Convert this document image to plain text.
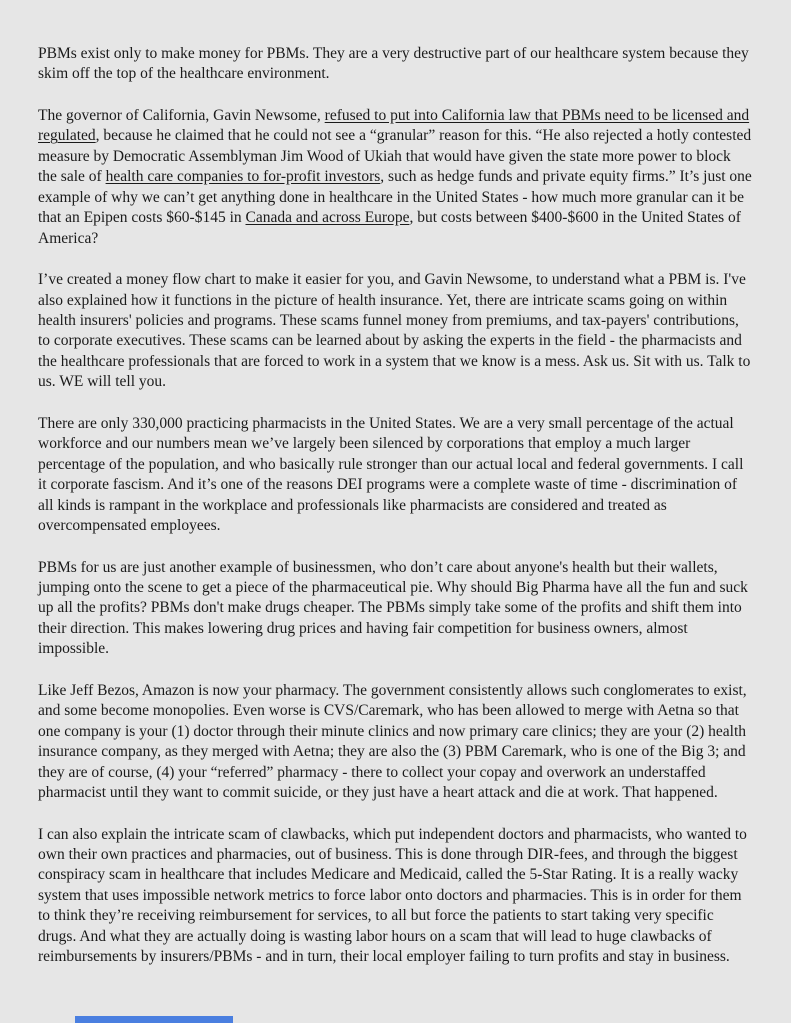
PBMs exist only to make money for PBMs. They are a very destructive part of our healthcare system because they skim off the top of the healthcare environment.

The governor of California, Gavin Newsome, refused to put into California law that PBMs need to be licensed and regulated, because he claimed that he could not see a “granular” reason for this. “He also rejected a hotly contested measure by Democratic Assemblyman Jim Wood of Ukiah that would have given the state more power to block the sale of health care companies to for-profit investors, such as hedge funds and private equity firms.” It’s just one example of why we can’t get anything done in healthcare in the United States - how much more granular can it be that an Epipen costs $60-$145 in Canada and across Europe, but costs between $400-$600 in the United States of America?

I’ve created a money flow chart to make it easier for you, and Gavin Newsome, to understand what a PBM is. I've also explained how it functions in the picture of health insurance. Yet, there are intricate scams going on within health insurers' policies and programs. These scams funnel money from premiums, and tax-payers' contributions, to corporate executives. These scams can be learned about by asking the experts in the field - the pharmacists and the healthcare professionals that are forced to work in a system that we know is a mess. Ask us. Sit with us. Talk to us. WE will tell you.

There are only 330,000 practicing pharmacists in the United States. We are a very small percentage of the actual workforce and our numbers mean we’ve largely been silenced by corporations that employ a much larger percentage of the population, and who basically rule stronger than our actual local and federal governments. I call it corporate fascism. And it’s one of the reasons DEI programs were a complete waste of time - discrimination of all kinds is rampant in the workplace and professionals like pharmacists are considered and treated as overcompensated employees.

PBMs for us are just another example of businessmen, who don’t care about anyone's health but their wallets, jumping onto the scene to get a piece of the pharmaceutical pie. Why should Big Pharma have all the fun and suck up all the profits? PBMs don't make drugs cheaper. The PBMs simply take some of the profits and shift them into their direction. This makes lowering drug prices and having fair competition for business owners, almost impossible.

Like Jeff Bezos, Amazon is now your pharmacy. The government consistently allows such conglomerates to exist, and some become monopolies. Even worse is CVS/Caremark, who has been allowed to merge with Aetna so that one company is your (1) doctor through their minute clinics and now primary care clinics; they are your (2) health insurance company, as they merged with Aetna; they are also the (3) PBM Caremark, who is one of the Big 3; and they are of course, (4) your “referred” pharmacy - there to collect your copay and overwork an understaffed pharmacist until they want to commit suicide, or they just have a heart attack and die at work. That happened.

I can also explain the intricate scam of clawbacks, which put independent doctors and pharmacists, who wanted to own their own practices and pharmacies, out of business. This is done through DIR-fees, and through the biggest conspiracy scam in healthcare that includes Medicare and Medicaid, called the 5-Star Rating. It is a really wacky system that uses impossible network metrics to force labor onto doctors and pharmacies. This is in order for them to think they’re receiving reimbursement for services, to all but force the patients to start taking very specific drugs. And what they are actually doing is wasting labor hours on a scam that will lead to huge clawbacks of reimbursements by insurers/PBMs - and in turn, their local employer failing to turn profits and stay in business.
